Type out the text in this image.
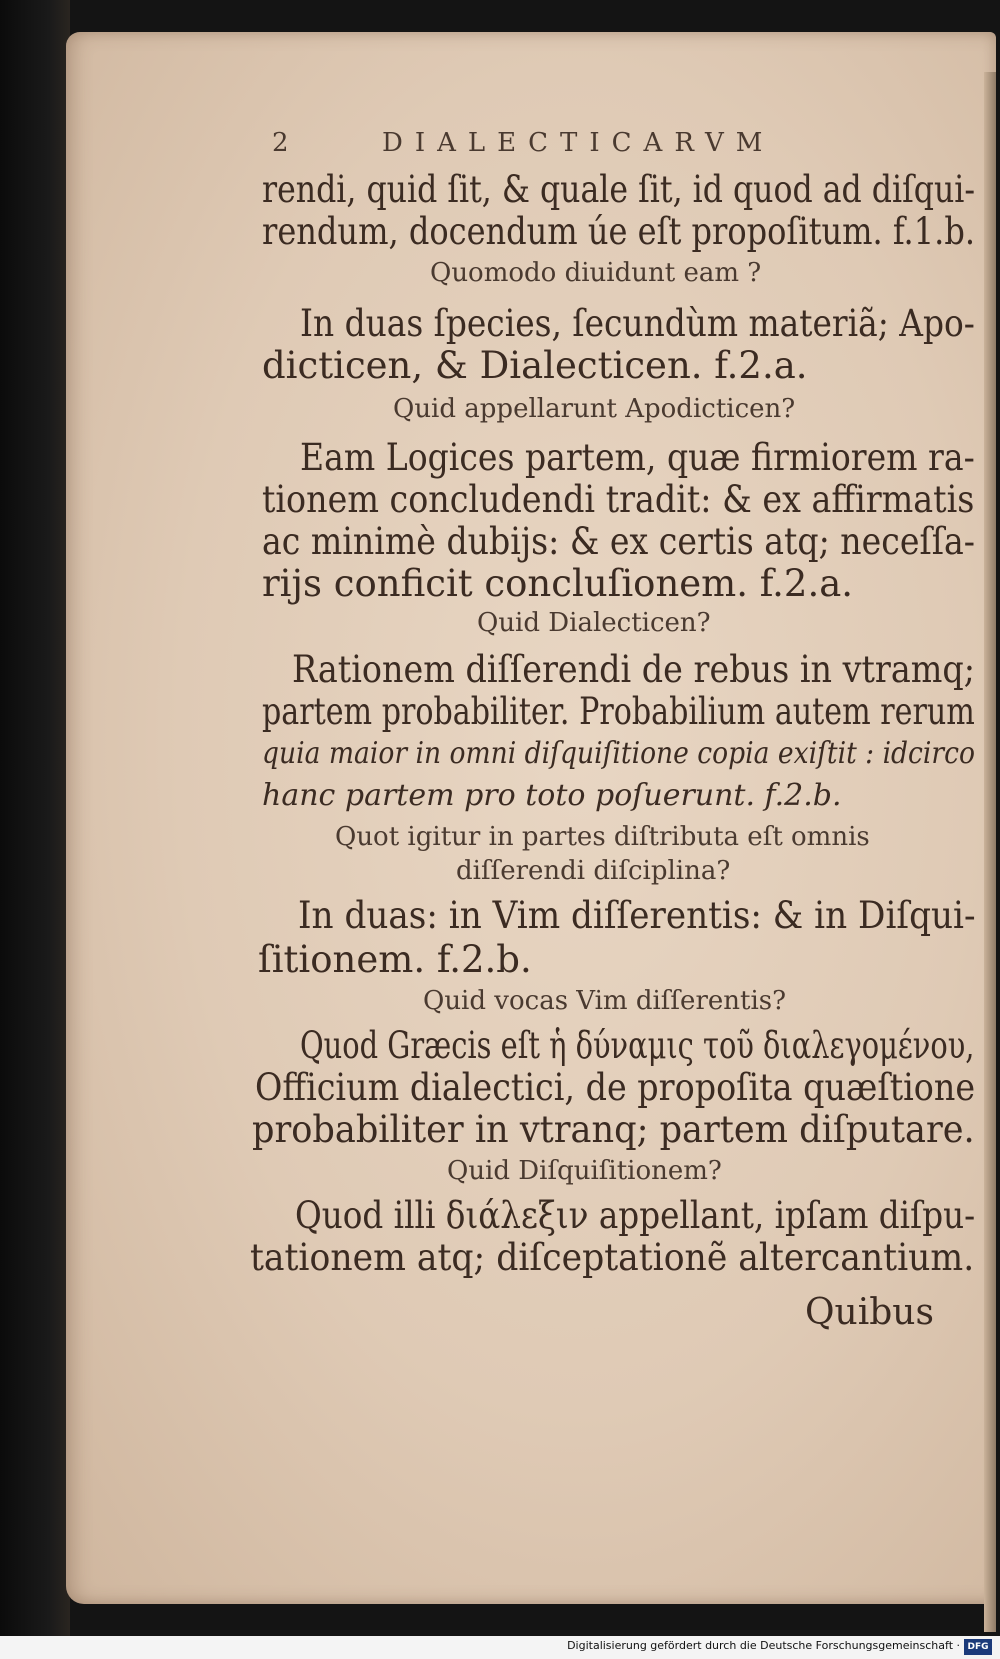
2	DIALECTICARVM
rendi, quid ſit, & quale ſit, id quod ad diſqui-
rendum, docendum úe eſt propoſitum. f.1.b.
Quomodo diuidunt eam ?
In duas ſpecies, ſecundùm materiã; Apo-
dicticen, & Dialecticen. f.2.a.
Quid appellarunt Apodicticen?
Eam Logices partem, quæ firmiorem ra-
tionem concludendi tradit: & ex affirmatis
ac minimè dubijs: & ex certis atq; neceſſa-
rijs conficit concluſionem. f.2.a.
Quid Dialecticen?
Rationem diſſerendi de rebus in vtramq;
partem probabiliter. Probabilium autem rerum
quia maior in omni diſquiſitione copia exiſtit : idcirco
hanc partem pro toto poſuerunt. f.2.b.
Quot igitur in partes diſtributa eſt omnis
diſſerendi diſciplina?
In duas: in Vim diſſerentis: & in Diſqui-
ſitionem. f.2.b.
Quid vocas Vim diſſerentis?
Quod Græcis eſt ἡ δύναμις τοῦ διαλεγομένου,
Officium dialectici, de propoſita quæſtione
probabiliter in vtranq; partem diſputare.
Quid Diſquiſitionem?
Quod illi διάλεξιν appellant, ipſam diſpu-
tationem atq; diſceptationẽ altercantium.
Quibus
Digitalisierung gefördert durch die Deutsche Forschungsgemeinschaft · DFG
